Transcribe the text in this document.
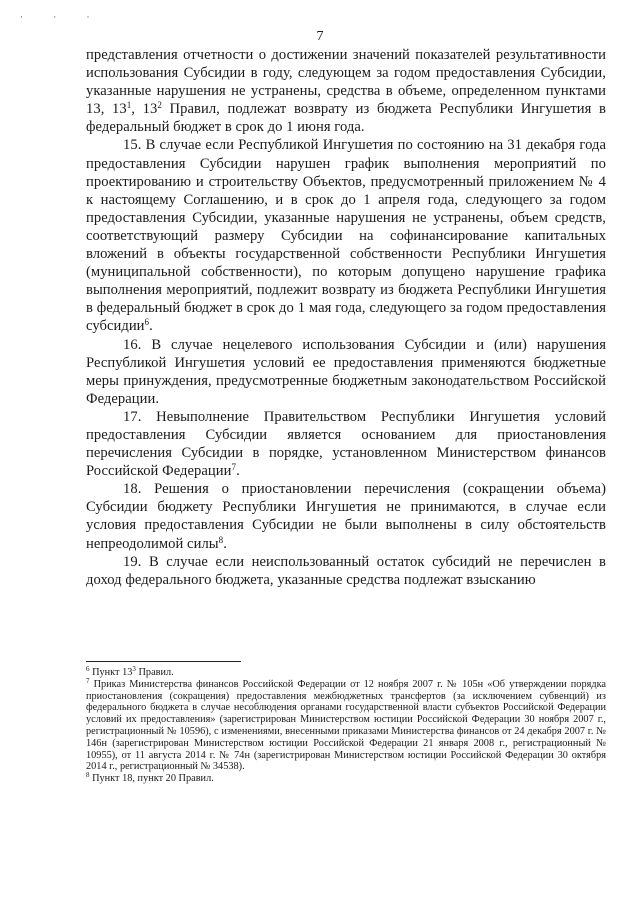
· · ·
7

представления отчетности о достижении значений показателей результативности использования Субсидии в году, следующем за годом предоставления Субсидии, указанные нарушения не устранены, средства в объеме, определенном пунктами 13, $13^1$, $13^2$ Правил, подлежат возврату из бюджета Республики Ингушетия в федеральный бюджет в срок до 1 июня года.

15. В случае если Республикой Ингушетия по состоянию на 31 декабря года предоставления Субсидии нарушен график выполнения мероприятий по проектированию и строительству Объектов, предусмотренный приложением № 4 к настоящему Соглашению, и в срок до 1 апреля года, следующего за годом предоставления Субсидии, указанные нарушения не устранены, объем средств, соответствующий размеру Субсидии на софинансирование капитальных вложений в объекты государственной собственности Республики Ингушетия (муниципальной собственности), по которым допущено нарушение графика выполнения мероприятий, подлежит возврату из бюджета Республики Ингушетия в федеральный бюджет в срок до 1 мая года, следующего за годом предоставления субсидии$^6$.

16. В случае нецелевого использования Субсидии и (или) нарушения Республикой Ингушетия условий ее предоставления применяются бюджетные меры принуждения, предусмотренные бюджетным законодательством Российской Федерации.

17. Невыполнение Правительством Республики Ингушетия условий предоставления Субсидии является основанием для приостановления перечисления Субсидии в порядке, установленном Министерством финансов Российской Федерации$^7$.

18. Решения о приостановлении перечисления (сокращении объема) Субсидии бюджету Республики Ингушетия не принимаются, в случае если условия предоставления Субсидии не были выполнены в силу обстоятельств непреодолимой силы$^8$.

19. В случае если неиспользованный остаток субсидий не перечислен в доход федерального бюджета, указанные средства подлежат взысканию

$^6$ Пункт $13^3$ Правил.

$^7$ Приказ Министерства финансов Российской Федерации от 12 ноября 2007 г. № 105н «Об утверждении порядка приостановления (сокращения) предоставления межбюджетных трансфертов (за исключением субвенций) из федерального бюджета в случае несоблюдения органами государственной власти субъектов Российской Федерации условий их предоставления» (зарегистрирован Министерством юстиции Российской Федерации 30 ноября 2007 г., регистрационный № 10596), с изменениями, внесенными приказами Министерства финансов от 24 декабря 2007 г. № 146н (зарегистрирован Министерством юстиции Российской Федерации 21 января 2008 г., регистрационный № 10955), от 11 августа 2014 г. № 74н (зарегистрирован Министерством юстиции Российской Федерации 30 октября 2014 г., регистрационный № 34538).

$^8$ Пункт 18, пункт 20 Правил.
